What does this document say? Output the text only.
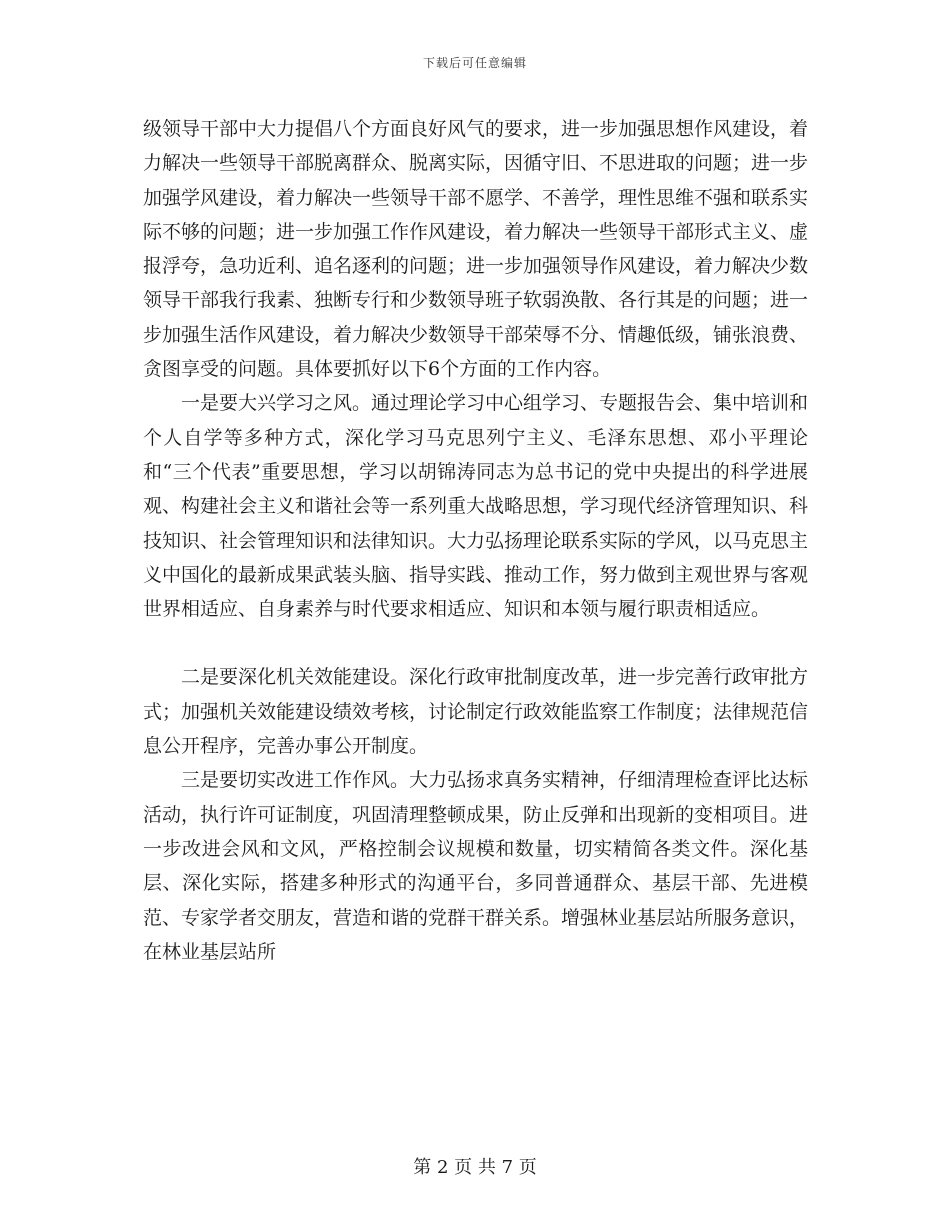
下载后可任意编辑

级领导干部中大力提倡八个方面良好风气的要求，进一步加强思想作风建设，着力解决一些领导干部脱离群众、脱离实际，因循守旧、不思进取的问题；进一步加强学风建设，着力解决一些领导干部不愿学、不善学，理性思维不强和联系实际不够的问题；进一步加强工作作风建设，着力解决一些领导干部形式主义、虚报浮夸，急功近利、追名逐利的问题；进一步加强领导作风建设，着力解决少数领导干部我行我素、独断专行和少数领导班子软弱涣散、各行其是的问题；进一步加强生活作风建设，着力解决少数领导干部荣辱不分、情趣低级，铺张浪费、贪图享受的问题。具体要抓好以下6个方面的工作内容。

一是要大兴学习之风。通过理论学习中心组学习、专题报告会、集中培训和个人自学等多种方式，深化学习马克思列宁主义、毛泽东思想、邓小平理论和“三个代表”重要思想，学习以胡锦涛同志为总书记的党中央提出的科学进展观、构建社会主义和谐社会等一系列重大战略思想，学习现代经济管理知识、科技知识、社会管理知识和法律知识。大力弘扬理论联系实际的学风，以马克思主义中国化的最新成果武装头脑、指导实践、推动工作，努力做到主观世界与客观世界相适应、自身素养与时代要求相适应、知识和本领与履行职责相适应。

二是要深化机关效能建设。深化行政审批制度改革，进一步完善行政审批方式；加强机关效能建设绩效考核，讨论制定行政效能监察工作制度；法律规范信息公开程序，完善办事公开制度。

三是要切实改进工作作风。大力弘扬求真务实精神，仔细清理检查评比达标活动，执行许可证制度，巩固清理整顿成果，防止反弹和出现新的变相项目。进一步改进会风和文风，严格控制会议规模和数量，切实精简各类文件。深化基层、深化实际，搭建多种形式的沟通平台，多同普通群众、基层干部、先进模范、专家学者交朋友，营造和谐的党群干群关系。增强林业基层站所服务意识，在林业基层站所

第 2 页 共 7 页
